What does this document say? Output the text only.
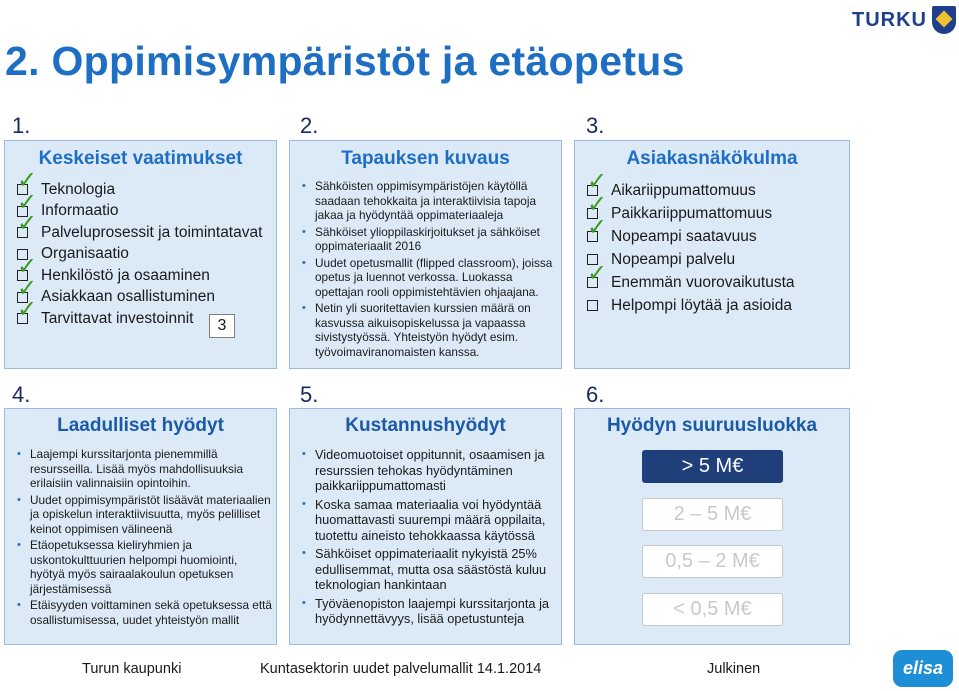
2. Oppimisympäristöt ja etäopetus
TURKU
1.	2.	3.
4.	5.	6.
Keskeiset vaatimukset
✓ Teknologia
✓ Informaatio
✓ Palveluprosessit ja toimintatavat
Organisaatio
✓ Henkilöstö ja osaaminen
✓ Asiakkaan osallistuminen
✓ Tarvittavat investoinnit	3
Tapauksen kuvaus
• Sähköisten oppimisympäristöjen käytöllä saadaan tehokkaita ja interaktiivisia tapoja jakaa ja hyödyntää oppimateriaaleja
• Sähköiset ylioppilaskirjoitukset ja sähköiset oppimateriaalit 2016
• Uudet opetusmallit (flipped classroom), joissa opetus ja luennot verkossa. Luokassa opettajan rooli oppimistehtävien ohjaajana.
• Netin yli suoritettavien kurssien määrä on kasvussa aikuisopiskelussa ja vapaassa sivistystyössä. Yhteistyön hyödyt esim. työvoimaviranomaisten kanssa.
Asiakasnäkökulma
✓ Aikariippumattomuus
✓ Paikkariippumattomuus
✓ Nopeampi saatavuus
Nopeampi palvelu
✓ Enemmän vuorovaikutusta
Helpompi löytää ja asioida
Laadulliset hyödyt
• Laajempi kurssitarjonta pienemmillä resursseilla. Lisää myös mahdollisuuksia erilaisiin valinnaisiin opintoihin.
• Uudet oppimisympäristöt lisäävät materiaalien ja opiskelun interaktiivisuutta, myös pelilliset keinot oppimisen välineenä
• Etäopetuksessa kieliryhmien ja uskontokulttuurien helpompi huomiointi, hyötyä myös sairaalakoulun opetuksen järjestämisessä
• Etäisyyden voittaminen sekä opetuksessa että osallistumisessa, uudet yhteistyön mallit
Kustannushyödyt
• Videomuotoiset oppitunnit, osaamisen ja resurssien tehokas hyödyntäminen paikkariippumattomasti
• Koska samaa materiaalia voi hyödyntää huomattavasti suurempi määrä oppilaita, tuotettu aineisto tehokkaassa käytössä
• Sähköiset oppimateriaalit nykyistä 25% edullisemmat, mutta osa säästöstä kuluu teknologian hankintaan
• Työväenopiston laajempi kurssitarjonta ja hyödynnettävyys, lisää opetustunteja
Hyödyn suuruusluokka
> 5 M€
2 – 5 M€
0,5 – 2 M€
< 0,5 M€
Turun kaupunki	Kuntasektorin uudet palvelumallit 14.1.2014	Julkinen	elisa
